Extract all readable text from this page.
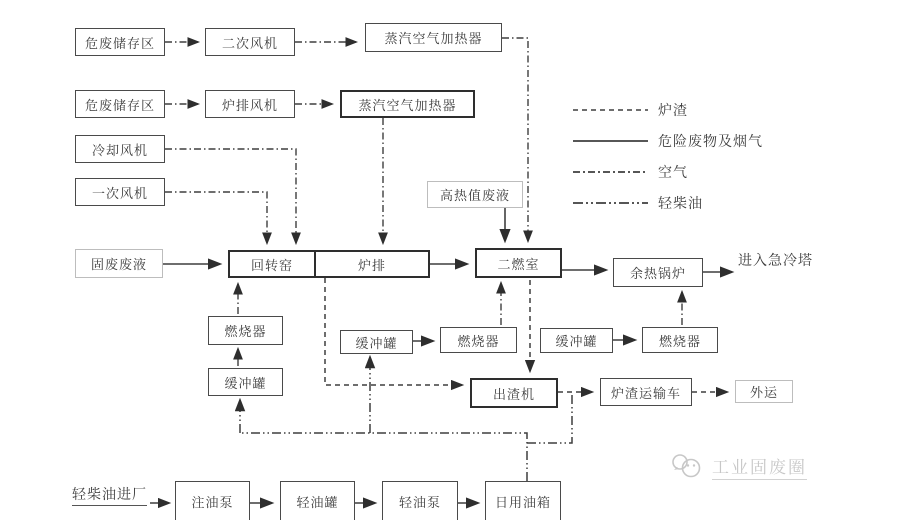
危废储存区	二次风机	蒸汽空气加热器
危废储存区	炉排风机	蒸汽空气加热器
冷却风机
一次风机
固废废液	回转窑	炉排
高热值废液
二燃室
余热锅炉
进入急冷塔
燃烧器
缓冲罐
缓冲罐	燃烧器	缓冲罐	燃烧器
出渣机	炉渣运输车	外运
轻柴油进厂	注油泵	轻油罐	轻油泵	日用油箱
炉渣
危险废物及烟气
空气
轻柴油
工业固废圈
